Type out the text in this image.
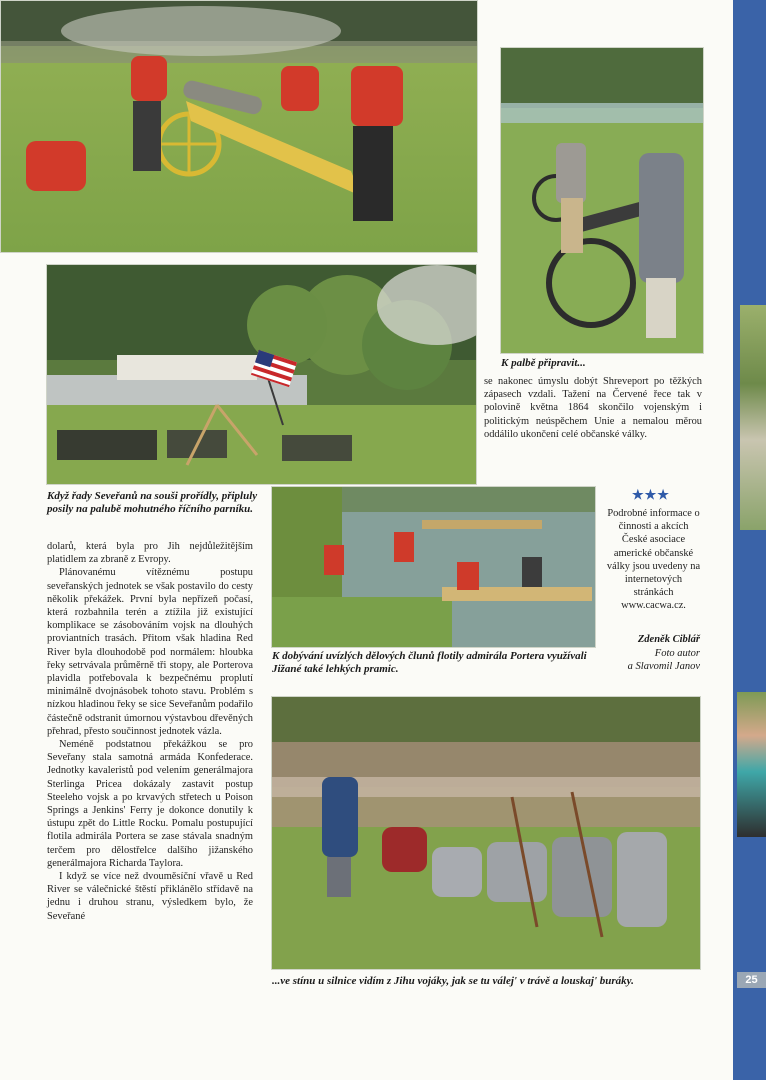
25
K palbě připravit...
Když řady Seveřanů na souši prořídly, připluly posily na palubě mohutného říčního parníku.
K dobývání uvízlých dělových člunů flotily admirála Portera využívali Jižané také lehkých pramic.
...ve stínu u silnice vidím z Jihu vojáky, jak se tu válej' v trávě a louskaj' buráky.
se nakonec úmyslu dobýt Shreveport po těžkých zápasech vzdali. Tažení na Červené řece tak v polovině května 1864 skončilo vojenským i politickým neúspěchem Unie a nemalou měrou oddálilo ukončení celé občanské války.
★★★
Podrobné informace o činnosti a akcích České asociace americké občanské války jsou uvedeny na internetových stránkách www.cacwa.cz.
Zdeněk Ciblář
Foto autor
a Slavomil Janov

dolarů, která byla pro Jih nejdůležitějším platidlem za zbraně z Evropy.

Plánovanému vítěznému postupu seveřanských jednotek se však postavilo do cesty několik překážek. První byla nepřízeň počasí, která rozbahnila terén a ztížila již existující komplikace se zásobováním vojsk na dlouhých proviantních trasách. Přitom však hladina Red River byla dlouhodobě pod normálem: hloubka řeky setrvávala průměrně tři stopy, ale Porterova plavidla potřebovala k bezpečnému proplutí minimálně dvojnásobek tohoto stavu. Problém s nízkou hladinou řeky se sice Seveřanům podařilo částečně odstranit úmornou výstavbou dřevěných přehrad, přesto součinnost jednotek vázla.

Neméně podstatnou překážkou se pro Seveřany stala samotná armáda Konfederace. Jednotky kavaleristů pod velením generálmajora Sterlinga Pricea dokázaly zastavit postup Steeleho vojsk a po krvavých střetech u Poison Springs a Jenkins' Ferry je dokonce donutily k ústupu zpět do Little Rocku. Pomalu postupující flotila admirála Portera se zase stávala snadným terčem pro dělostřelce dalšího jižanského generálmajora Richarda Taylora.

I když se více než dvouměsíční vřavě u Red River se válečnické štěstí přiklánělo střídavě na jednu i druhou stranu, výsledkem bylo, že Seveřané
